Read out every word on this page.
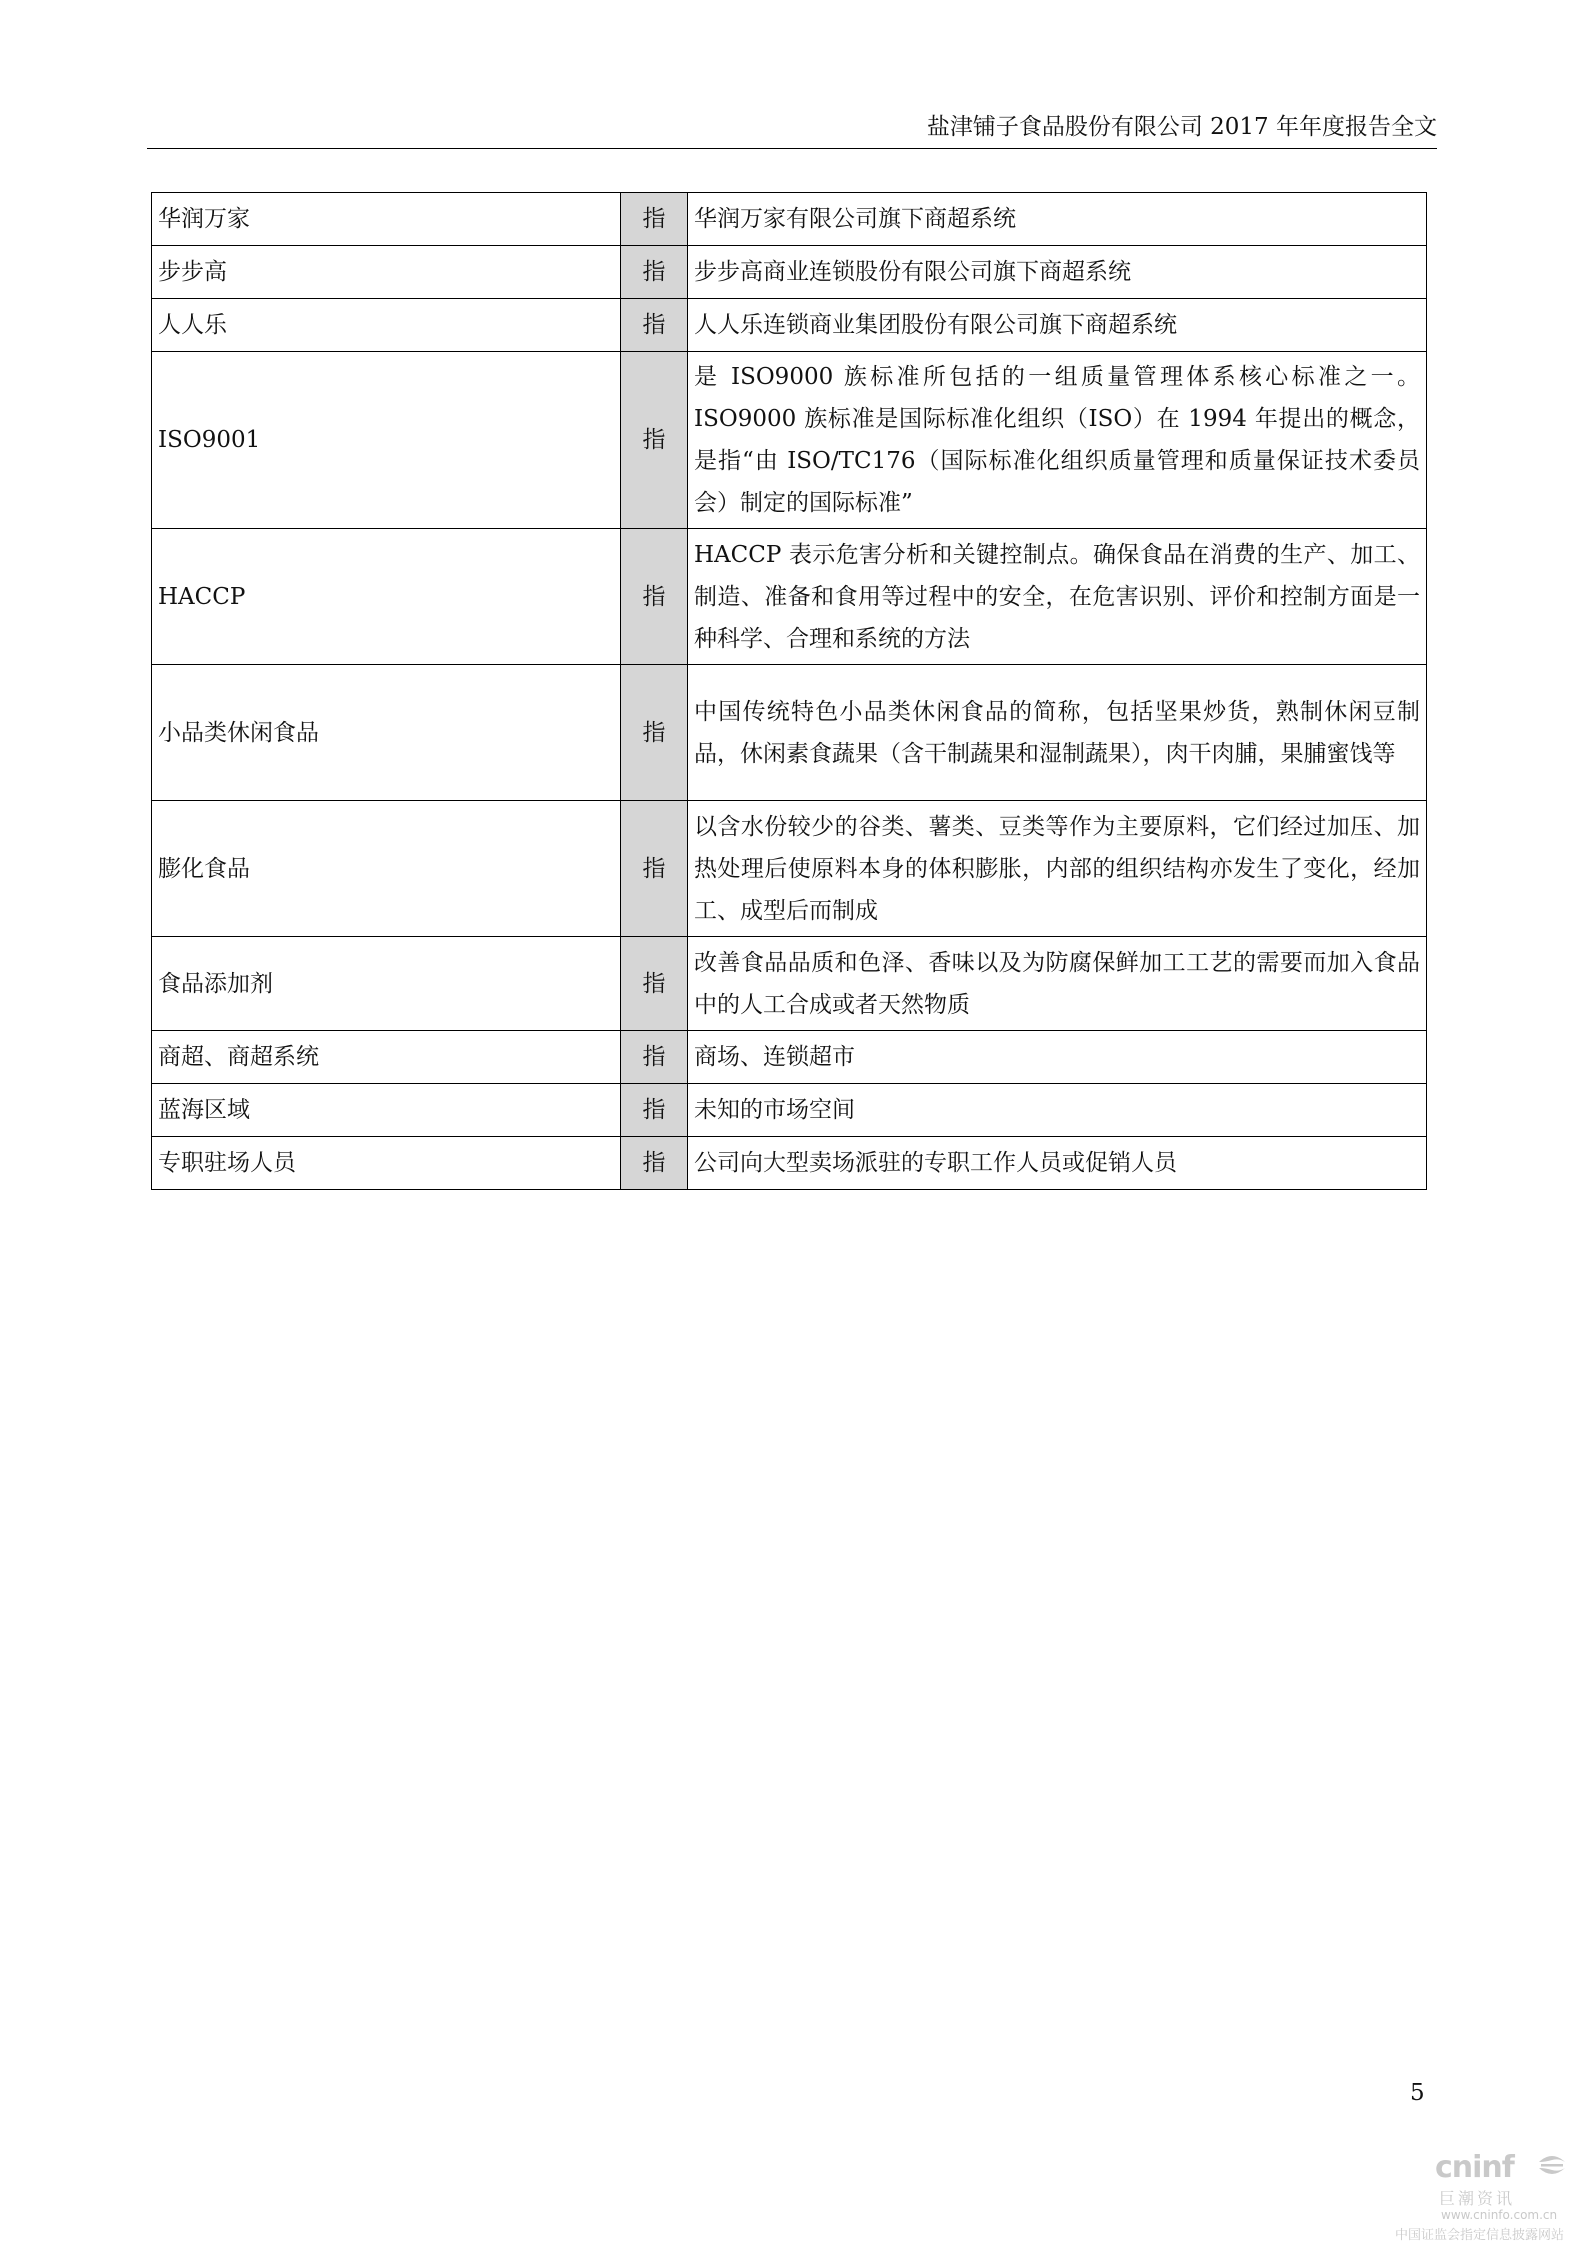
盐津铺子食品股份有限公司 2017 年年度报告全文
华润万家	指	华润万家有限公司旗下商超系统
步步高	指	步步高商业连锁股份有限公司旗下商超系统
人人乐	指	人人乐连锁商业集团股份有限公司旗下商超系统
ISO9001	指	是 ISO9000 族标准所包括的一组质量管理体系核心标准之一。ISO9000 族标准是国际标准化组织（ISO）在 1994 年提出的概念，是指“由 ISO/TC176（国际标准化组织质量管理和质量保证技术委员会）制定的国际标准”
HACCP	指	HACCP 表示危害分析和关键控制点。确保食品在消费的生产、加工、制造、准备和食用等过程中的安全，在危害识别、评价和控制方面是一种科学、合理和系统的方法
小品类休闲食品	指	中国传统特色小品类休闲食品的简称，包括坚果炒货，熟制休闲豆制品，休闲素食蔬果（含干制蔬果和湿制蔬果），肉干肉脯，果脯蜜饯等
膨化食品	指	以含水份较少的谷类、薯类、豆类等作为主要原料，它们经过加压、加热处理后使原料本身的体积膨胀，内部的组织结构亦发生了变化，经加工、成型后而制成
食品添加剂	指	改善食品品质和色泽、香味以及为防腐保鲜加工工艺的需要而加入食品中的人工合成或者天然物质
商超、商超系统	指	商场、连锁超市
蓝海区域	指	未知的市场空间
专职驻场人员	指	公司向大型卖场派驻的专职工作人员或促销人员
5
cninf
巨潮资讯
www.cninfo.com.cn
中国证监会指定信息披露网站
